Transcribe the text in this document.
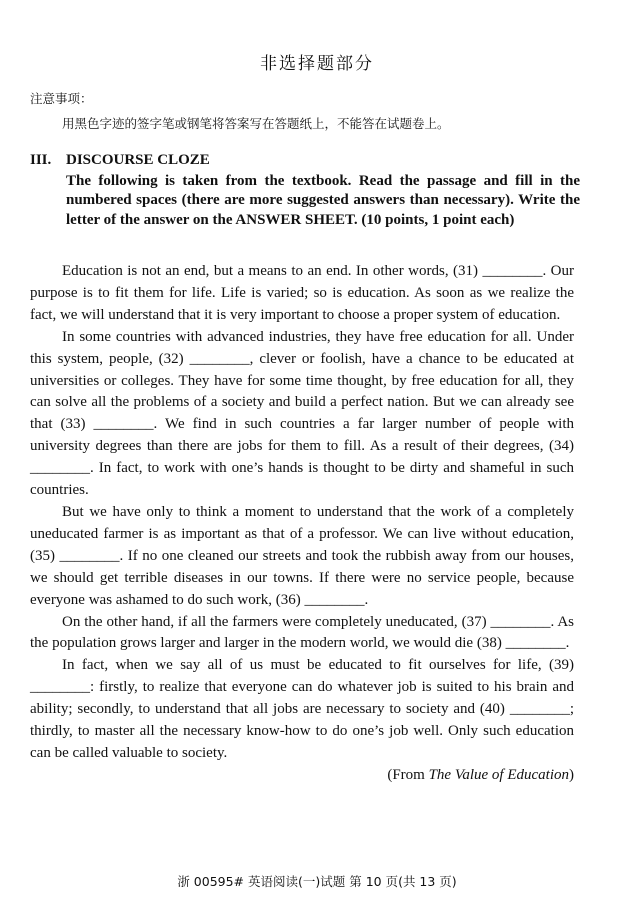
非选择题部分
注意事项：
用黑色字迹的签字笔或钢笔将答案写在答题纸上，不能答在试题卷上。
III. DISCOURSE CLOZE
The following is taken from the textbook. Read the passage and fill in the numbered spaces (there are more suggested answers than necessary). Write the letter of the answer on the ANSWER SHEET. (10 points, 1 point each)

Education is not an end, but a means to an end. In other words, (31) ________. Our purpose is to fit them for life. Life is varied; so is education. As soon as we realize the fact, we will understand that it is very important to choose a proper system of education.

In some countries with advanced industries, they have free education for all. Under this system, people, (32) ________, clever or foolish, have a chance to be educated at universities or colleges. They have for some time thought, by free education for all, they can solve all the problems of a society and build a perfect nation. But we can already see that (33) ________. We find in such countries a far larger number of people with university degrees than there are jobs for them to fill. As a result of their degrees, (34) ________. In fact, to work with one’s hands is thought to be dirty and shameful in such countries.

But we have only to think a moment to understand that the work of a completely uneducated farmer is as important as that of a professor. We can live without education, (35) ________. If no one cleaned our streets and took the rubbish away from our houses, we should get terrible diseases in our towns. If there were no service people, because everyone was ashamed to do such work, (36) ________.

On the other hand, if all the farmers were completely uneducated, (37) ________. As the population grows larger and larger in the modern world, we would die (38) ________.

In fact, when we say all of us must be educated to fit ourselves for life, (39) ________: firstly, to realize that everyone can do whatever job is suited to his brain and ability; secondly, to understand that all jobs are necessary to society and (40) ________; thirdly, to master all the necessary know-how to do one’s job well. Only such education can be called valuable to society.

(From The Value of Education)

浙 00595# 英语阅读(一)试题 第 10 页(共 13 页)
